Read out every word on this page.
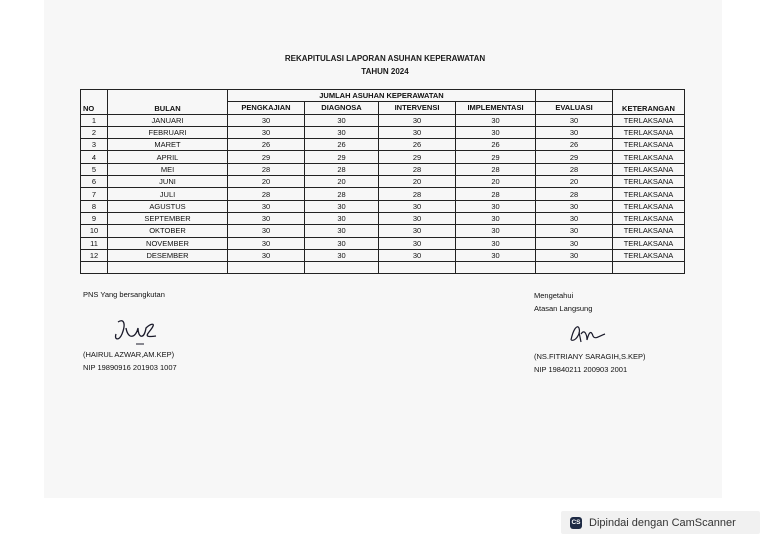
REKAPITULASI LAPORAN ASUHAN KEPERAWATAN
TAHUN 2024
NO	BULAN	JUMLAH ASUHAN KEPERAWATAN					KETERANGAN
		PENGKAJIAN	DIAGNOSA	INTERVENSI	IMPLEMENTASI	EVALUASI	
1	JANUARI	30	30	30	30	30	TERLAKSANA
2	FEBRUARI	30	30	30	30	30	TERLAKSANA
3	MARET	26	26	26	26	26	TERLAKSANA
4	APRIL	29	29	29	29	29	TERLAKSANA
5	MEI	28	28	28	28	28	TERLAKSANA
6	JUNI	20	20	20	20	20	TERLAKSANA
7	JULI	28	28	28	28	28	TERLAKSANA
8	AGUSTUS	30	30	30	30	30	TERLAKSANA
9	SEPTEMBER	30	30	30	30	30	TERLAKSANA
10	OKTOBER	30	30	30	30	30	TERLAKSANA
11	NOVEMBER	30	30	30	30	30	TERLAKSANA
12	DESEMBER	30	30	30	30	30	TERLAKSANA

PNS Yang bersangkutan
(HAIRUL AZWAR,AM.KEP)
NIP 19890916 201903 1007
Mengetahui
Atasan Langsung
(NS.FITRIANY SARAGIH,S.KEP)
NIP 19840211 200903 2001
CS Dipindai dengan CamScanner
